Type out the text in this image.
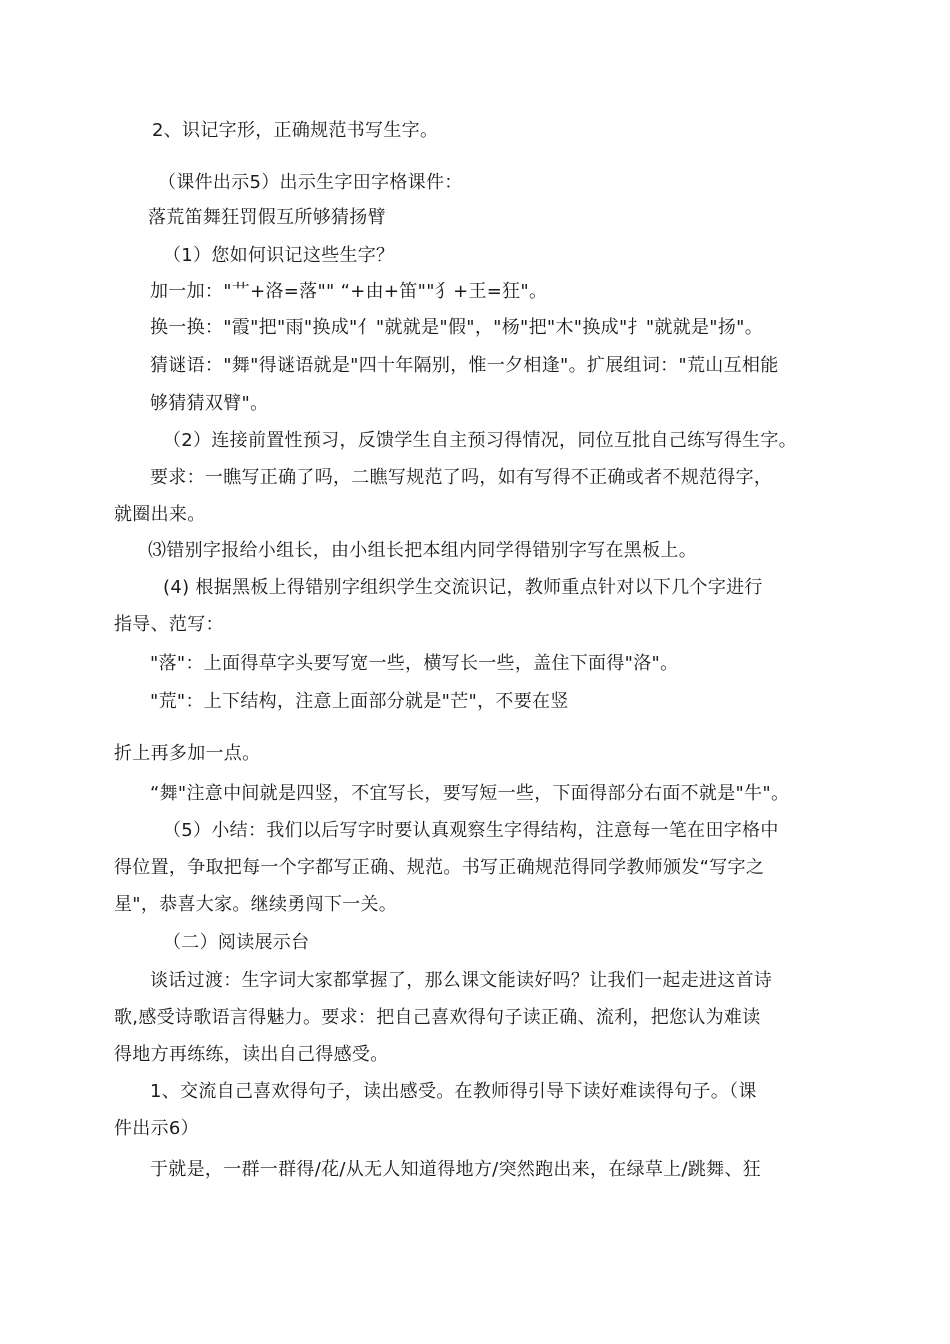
2、识记字形，正确规范书写生字。
（课件出示5）出示生字田字格课件：
落荒笛舞狂罚假互所够猜扬臂
（1）您如何识记这些生字？
加一加："艹+洛=落"" “+由+笛""犭+王=狂"。
换一换："霞"把"雨"换成"亻"就就是"假"，"杨"把"木"换成"扌"就就是"扬"。
猜谜语："舞"得谜语就是"四十年隔别，惟一夕相逢"。扩展组词："荒山互相能
够猜猜双臂"。
（2）连接前置性预习，反馈学生自主预习得情况，同位互批自己练写得生字。
要求：一瞧写正确了吗，二瞧写规范了吗，如有写得不正确或者不规范得字，
就圈出来。
⑶错别字报给小组长，由小组长把本组内同学得错别字写在黑板上。
(4) 根据黑板上得错别字组织学生交流识记，教师重点针对以下几个字进行
指导、范写：
"落"：上面得草字头要写宽一些，横写长一些，盖住下面得"洛"。
"荒"：上下结构，注意上面部分就是"芒"，不要在竖
折上再多加一点。
“舞"注意中间就是四竖，不宜写长，要写短一些，下面得部分右面不就是"牛"。
（5）小结：我们以后写字时要认真观察生字得结构，注意每一笔在田字格中
得位置，争取把每一个字都写正确、规范。书写正确规范得同学教师颁发“写字之
星"，恭喜大家。继续勇闯下一关。
（二）阅读展示台
谈话过渡：生字词大家都掌握了，那么课文能读好吗？让我们一起走进这首诗
歌,感受诗歌语言得魅力。要求：把自己喜欢得句子读正确、流利，把您认为难读
得地方再练练，读出自己得感受。
1、交流自己喜欢得句子，读出感受。在教师得引导下读好难读得句子。（课
件出示6）
于就是，一群一群得/花/从无人知道得地方/突然跑出来，在绿草上/跳舞、狂
